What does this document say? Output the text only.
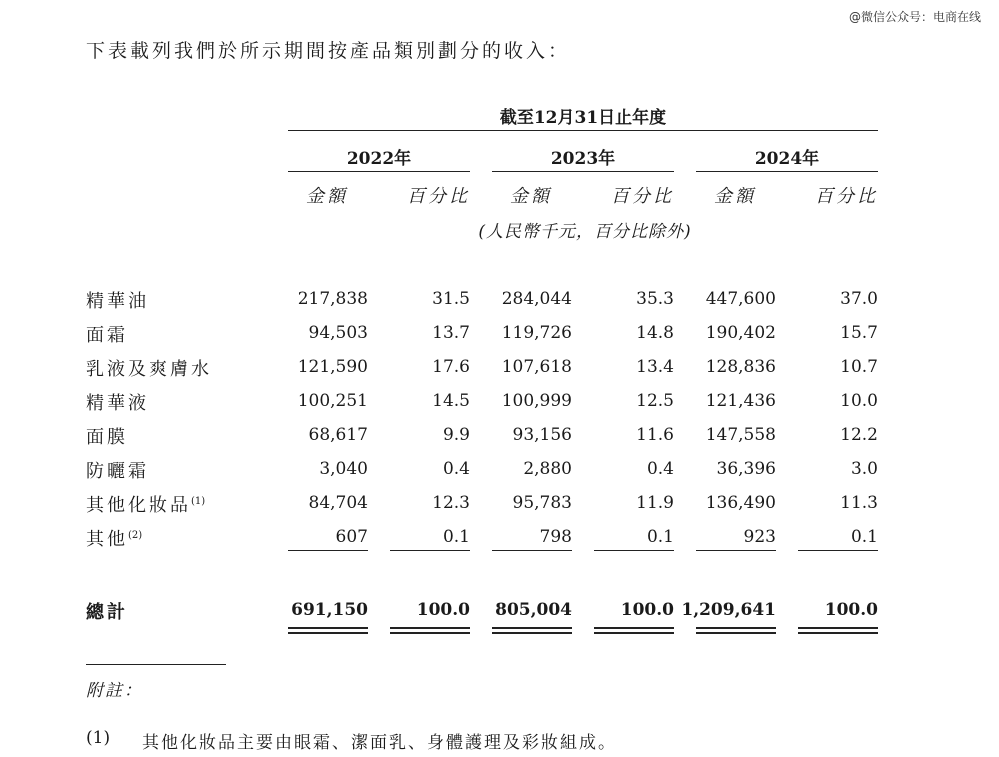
@微信公众号：电商在线
下表載列我們於所示期間按產品類別劃分的收入：
截至12月31日止年度
2022年	2023年	2024年
金額	百分比	金額	百分比	金額	百分比
(人民幣千元，百分比除外)
精華油	217,838	31.5	284,044	35.3	447,600	37.0
面霜	94,503	13.7	119,726	14.8	190,402	15.7
乳液及爽膚水	121,590	17.6	107,618	13.4	128,836	10.7
精華液	100,251	14.5	100,999	12.5	121,436	10.0
面膜	68,617	9.9	93,156	11.6	147,558	12.2
防曬霜	3,040	0.4	2,880	0.4	36,396	3.0
其他化妝品$^{(1)}$	84,704	12.3	95,783	11.9	136,490	11.3
其他$^{(2)}$	607	0.1	798	0.1	923	0.1
總計	691,150	100.0	805,004	100.0 1,209,641	100.0
附註：
(1) 其他化妝品主要由眼霜、潔面乳、身體護理及彩妝組成。
